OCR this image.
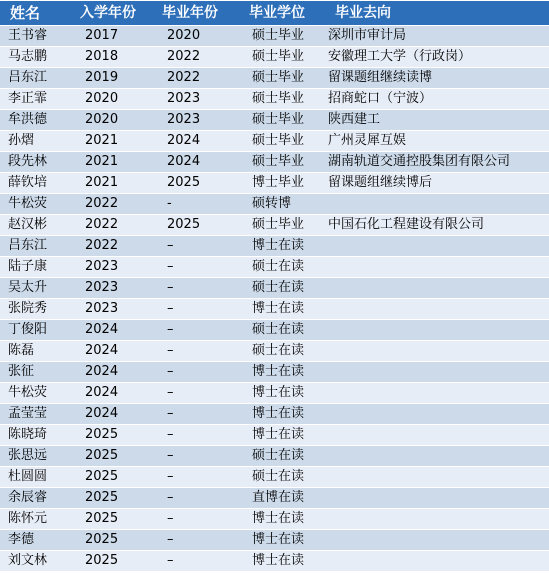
姓名	入学年份	毕业年份	毕业学位	毕业去向
王书睿	2017	2020	硕士毕业	深圳市审计局
马志鹏	2018	2022	硕士毕业	安徽理工大学（行政岗）
吕东江	2019	2022	硕士毕业	留课题组继续读博
李正霏	2020	2023	硕士毕业	招商蛇口（宁波）
牟洪德	2020	2023	硕士毕业	陕西建工
孙熠	2021	2024	硕士毕业	广州灵犀互娱
段先林	2021	2024	硕士毕业	湖南轨道交通控股集团有限公司
薛钦培	2021	2025	博士毕业	留课题组继续博后
牛松荧	2022	-	硕转博	
赵汉彬	2022	2025	硕士毕业	中国石化工程建设有限公司
吕东江	2022	–	博士在读	
陆子康	2023	–	硕士在读	
吴太升	2023	–	硕士在读	
张院秀	2023	–	博士在读	
丁俊阳	2024	–	硕士在读	
陈磊	2024	–	硕士在读	
张征	2024	–	博士在读	
牛松荧	2024	–	博士在读	
孟莹莹	2024	–	博士在读	
陈晓琦	2025	–	博士在读	
张思远	2025	–	硕士在读	
杜圆圆	2025	–	硕士在读	
余辰睿	2025	–	直博在读	
陈怀元	2025	–	博士在读	
李德	2025	–	博士在读	
刘文林	2025	–	博士在读	
